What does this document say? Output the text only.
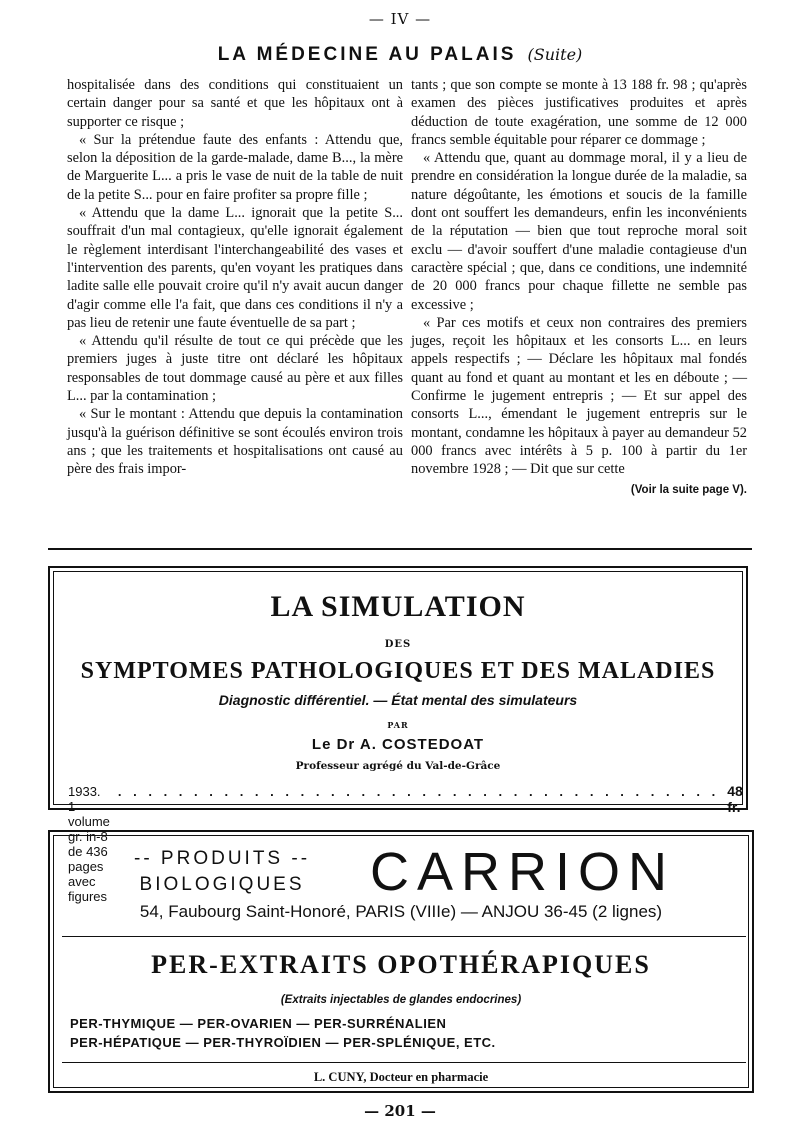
— IV —
LA MÉDECINE AU PALAIS (Suite)

hospitalisée dans des conditions qui constituaient un certain danger pour sa santé et que les hôpitaux ont à supporter ce risque ;

« Sur la prétendue faute des enfants : Attendu que, selon la déposition de la garde-malade, dame B..., la mère de Marguerite L... a pris le vase de nuit de la table de nuit de la petite S... pour en faire profiter sa propre fille ;

« Attendu que la dame L... ignorait que la petite S... souffrait d'un mal contagieux, qu'elle ignorait également le règlement interdisant l'interchangeabilité des vases et l'intervention des parents, qu'en voyant les pratiques dans ladite salle elle pouvait croire qu'il n'y avait aucun danger d'agir comme elle l'a fait, que dans ces conditions il n'y a pas lieu de retenir une faute éventuelle de sa part ;

« Attendu qu'il résulte de tout ce qui précède que les premiers juges à juste titre ont déclaré les hôpitaux responsables de tout dommage causé au père et aux filles L... par la contamination ;

« Sur le montant : Attendu que depuis la contamination jusqu'à la guérison définitive se sont écoulés environ trois ans ; que les traitements et hospitalisations ont causé au père des frais impor-

tants ; que son compte se monte à 13 188 fr. 98 ; qu'après examen des pièces justificatives produites et après déduction de toute exagération, une somme de 12 000 francs semble équitable pour réparer ce dommage ;

« Attendu que, quant au dommage moral, il y a lieu de prendre en considération la longue durée de la maladie, sa nature dégoûtante, les émotions et soucis de la famille dont ont souffert les demandeurs, enfin les inconvénients de la réputation — bien que tout reproche moral soit exclu — d'avoir souffert d'une maladie contagieuse d'un caractère spécial ; que, dans ce conditions, une indemnité de 20 000 francs pour chaque fillette ne semble pas excessive ;

« Par ces motifs et ceux non contraires des premiers juges, reçoit les hôpitaux et les consorts L... en leurs appels respectifs ; — Déclare les hôpitaux mal fondés quant au fond et quant au montant et les en déboute ; — Confirme le jugement entrepris ; — Et sur appel des consorts L..., émendant le jugement entrepris sur le montant, condamne les hôpitaux à payer au demandeur 52 000 francs avec intérêts à 5 p. 100 à partir du 1er novembre 1928 ; — Dit que sur cette

(Voir la suite page V).
LA SIMULATION
DES
SYMPTOMES PATHOLOGIQUES ET DES MALADIES
Diagnostic différentiel. — État mental des simulateurs
PAR
Le Dr A. COSTEDOAT
Professeur agrégé du Val-de-Grâce
1933. 1 volume gr. in-8 de 436 pages avec figures
. . . . . . . . . . . . . . . . . . . . . . . . . . . . . . . . . . . . . . . . 48 fr.
-- PRODUITS --
BIOLOGIQUES CARRION
54, Faubourg Saint-Honoré, PARIS (VIIIe) — ANJOU 36-45 (2 lignes)
PER-EXTRAITS OPOTHÉRAPIQUES
(Extraits injectables de glandes endocrines)
PER-THYMIQUE — PER-OVARIEN — PER-SURRÉNALIEN
PER-HÉPATIQUE — PER-THYROÏDIEN — PER-SPLÉNIQUE, ETC.
L. CUNY, Docteur en pharmacie
— 201 —
